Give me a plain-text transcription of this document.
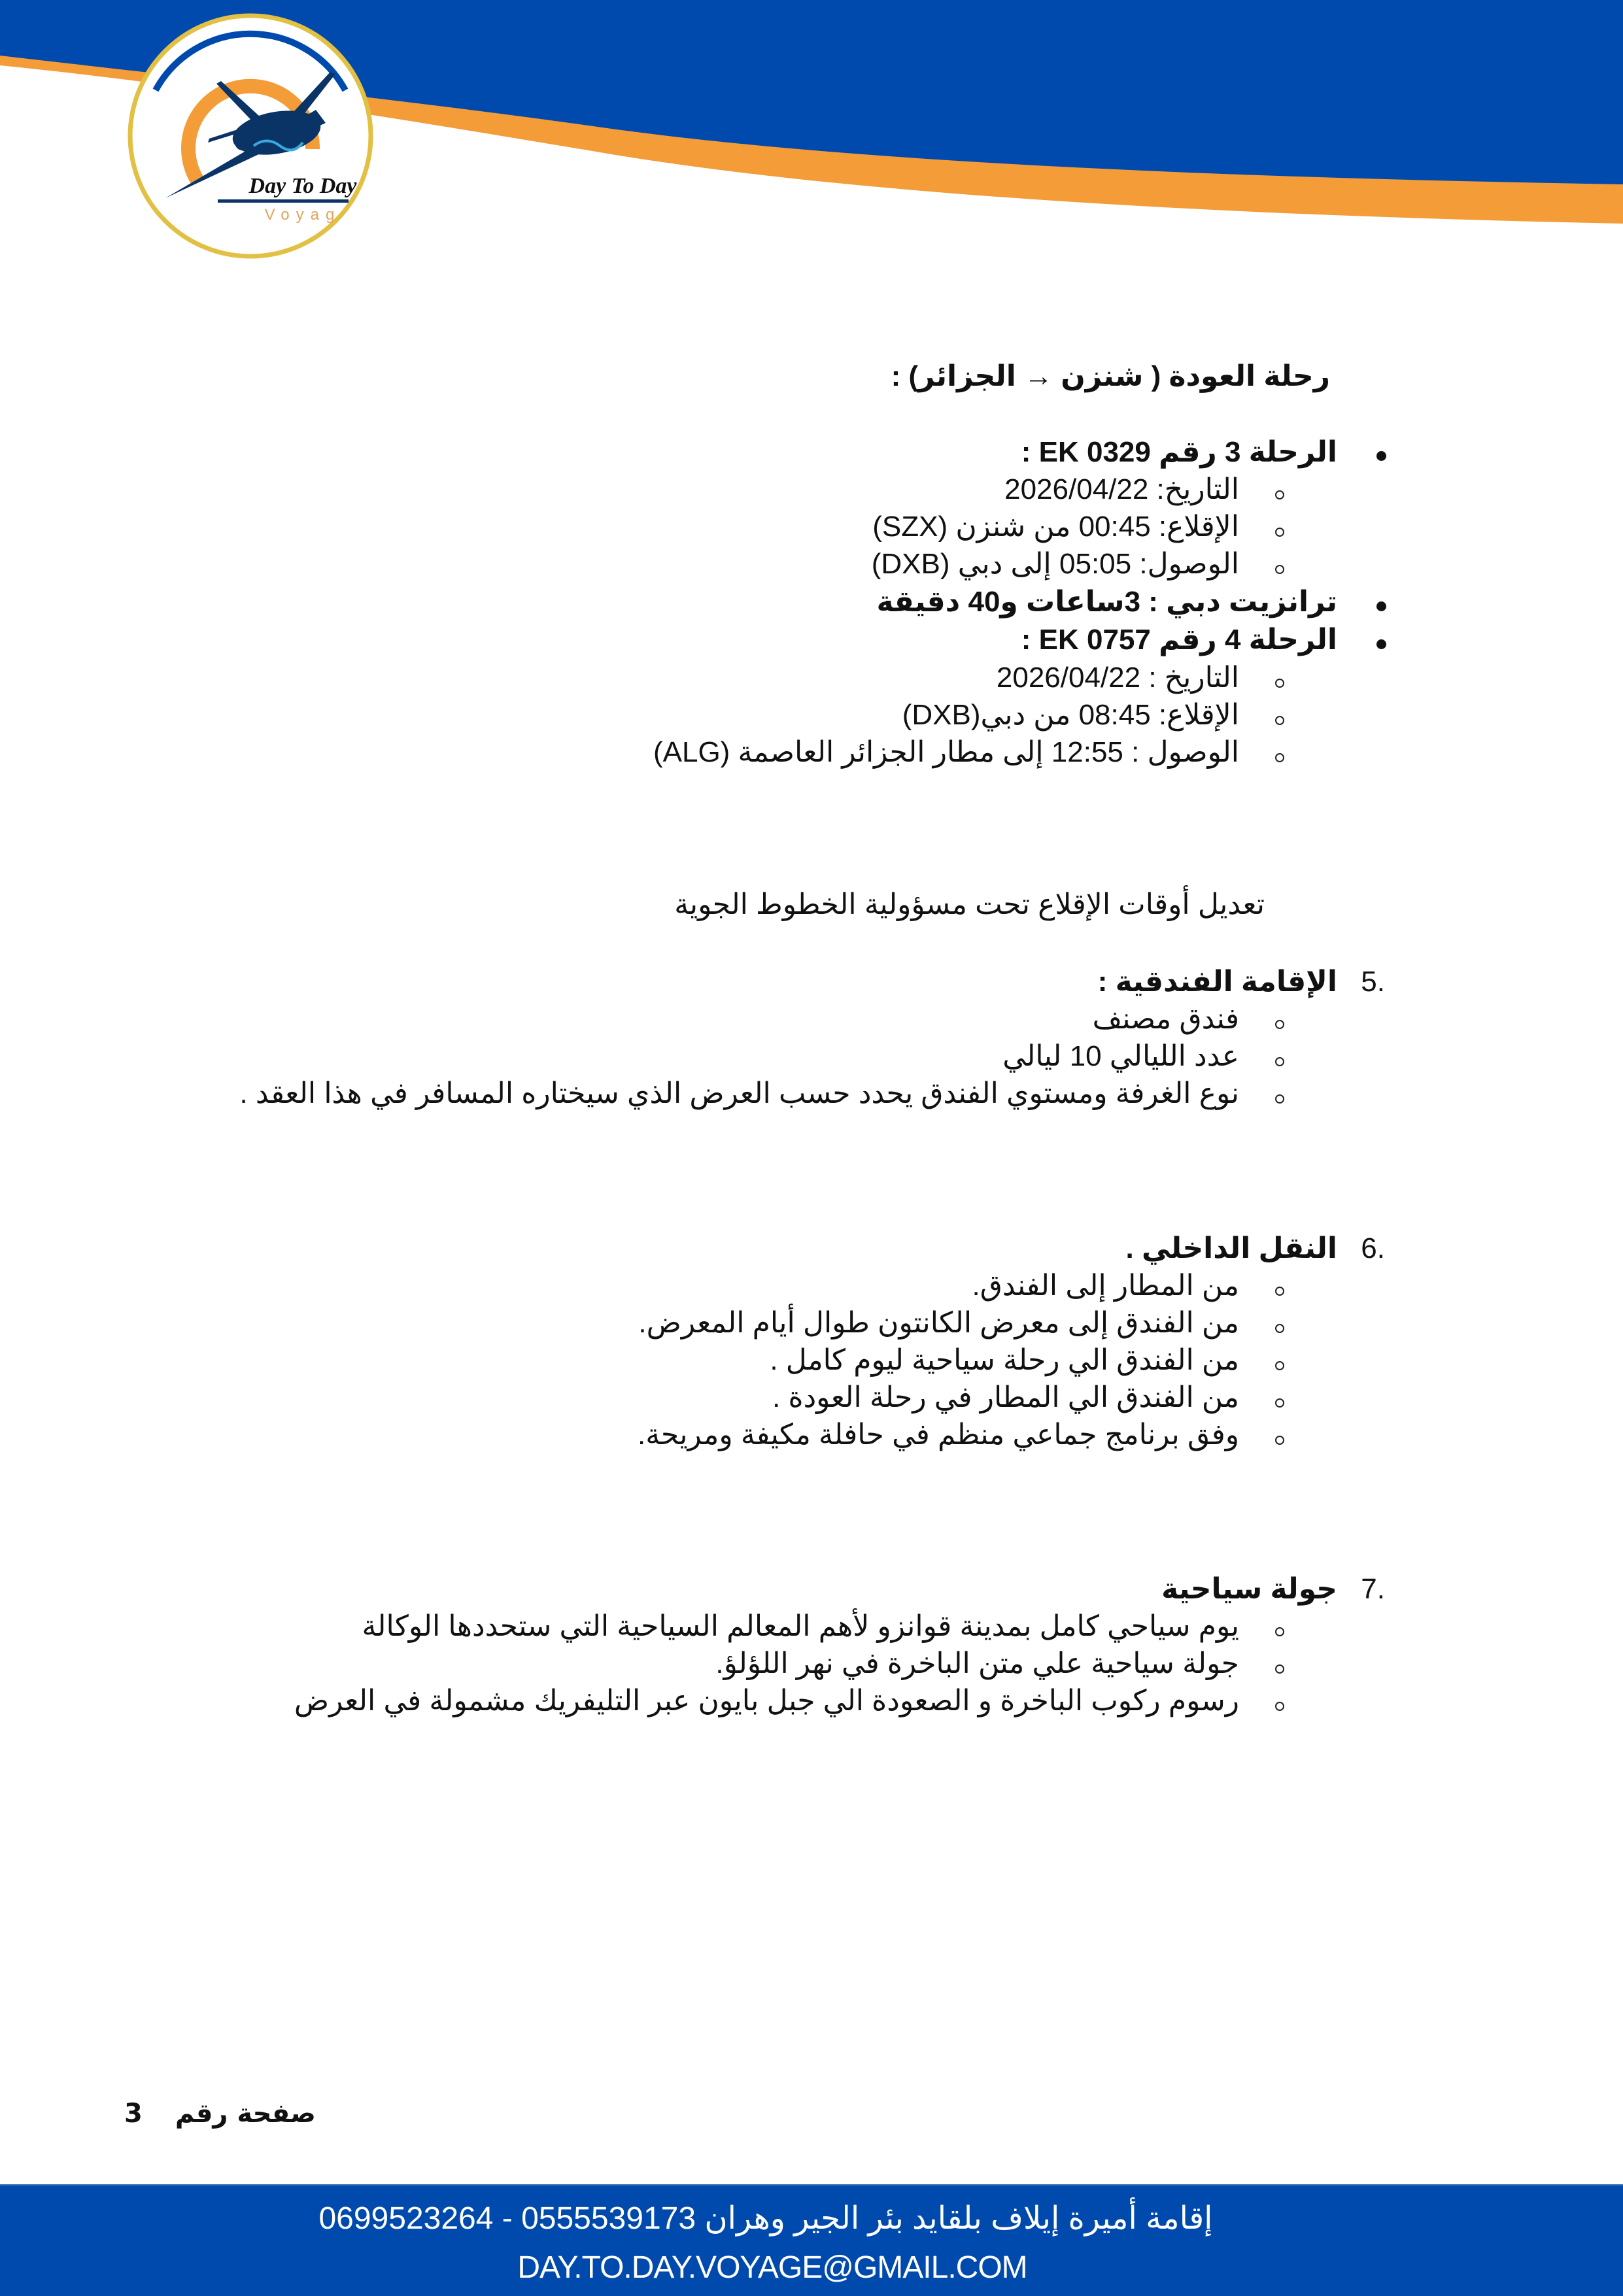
Day To Day
Voyag
رحلة العودة ( شنزن → الجزائر) :
الرحلة 3 رقم EK 0329 :
التاريخ: 2026/04/22
الإقلاع: 00:45 من شنزن (SZX)
الوصول: 05:05 إلى دبي (DXB)
ترانزيت دبي : 3ساعات و40 دقيقة
الرحلة 4 رقم EK 0757 :
التاريخ : 2026/04/22
الإقلاع: 08:45 من دبي(DXB)
الوصول : 12:55 إلى مطار الجزائر العاصمة (ALG)
تعديل أوقات الإقلاع تحت مسؤولية الخطوط الجوية
5.
الإقامة الفندقية :
فندق مصنف
عدد الليالي 10 ليالي
نوع الغرفة ومستوي الفندق يحدد حسب العرض الذي سيختاره المسافر في هذا العقد .
6.
النقل الداخلي .
من المطار إلى الفندق.
من الفندق إلى معرض الكانتون طوال أيام المعرض.
من الفندق الي رحلة سياحية ليوم كامل .
من الفندق الي المطار في رحلة العودة .
وفق برنامج جماعي منظم في حافلة مكيفة ومريحة.
7.
جولة سياحية
يوم سياحي كامل بمدينة قوانزو لأهم المعالم السياحية التي ستحددها الوكالة
جولة سياحية علي متن الباخرة في نهر اللؤلؤ.
رسوم ركوب الباخرة و الصعودة الي جبل بايون عبر التليفريك مشمولة في العرض
صفحة رقم3
إقامة أميرة إيلاف بلقايد بئر الجير وهران 0555539173 - 0699523264
DAY.TO.DAY.VOYAGE@GMAIL.COM
